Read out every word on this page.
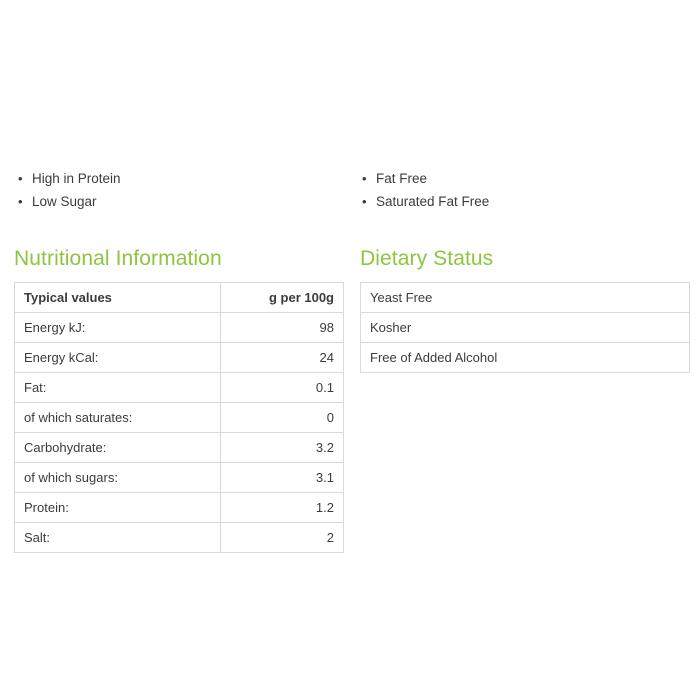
• High in Protein
• Low Sugar
Nutritional Information
Typical values	g per 100g
Energy kJ:	98
Energy kCal:	24
Fat:	0.1
of which saturates:	0
Carbohydrate:	3.2
of which sugars:	3.1
Protein:	1.2
Salt:	2
• Fat Free
• Saturated Fat Free
Dietary Status
Yeast Free
Kosher
Free of Added Alcohol
